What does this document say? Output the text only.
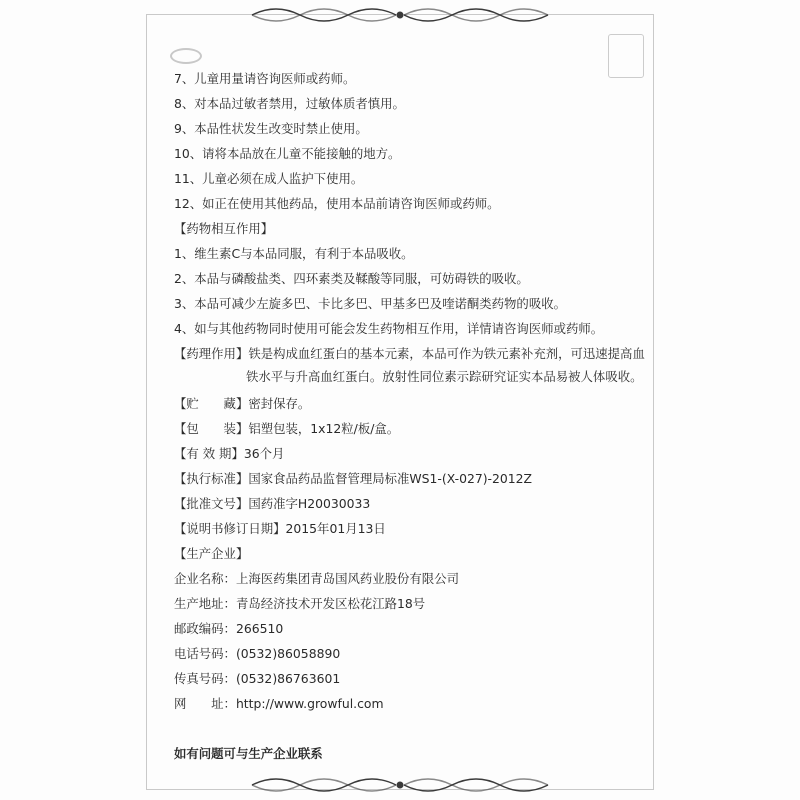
7、儿童用量请咨询医师或药师。
8、对本品过敏者禁用，过敏体质者慎用。
9、本品性状发生改变时禁止使用。
10、请将本品放在儿童不能接触的地方。
11、儿童必须在成人监护下使用。
12、如正在使用其他药品，使用本品前请咨询医师或药师。
【药物相互作用】
1、维生素C与本品同服，有利于本品吸收。
2、本品与磷酸盐类、四环素类及鞣酸等同服，可妨碍铁的吸收。
3、本品可减少左旋多巴、卡比多巴、甲基多巴及喹诺酮类药物的吸收。
4、如与其他药物同时使用可能会发生药物相互作用，详情请咨询医师或药师。
【药理作用】铁是构成血红蛋白的基本元素，本品可作为铁元素补充剂，可迅速提高血
铁水平与升高血红蛋白。放射性同位素示踪研究证实本品易被人体吸收。
【贮　　藏】密封保存。
【包　　装】铝塑包装，1x12粒/板/盒。
【有 效 期】36个月
【执行标准】国家食品药品监督管理局标准WS1-(X-027)-2012Z
【批准文号】国药准字H20030033
【说明书修订日期】2015年01月13日
【生产企业】
企业名称：上海医药集团青岛国风药业股份有限公司
生产地址：青岛经济技术开发区松花江路18号
邮政编码：266510
电话号码：(0532)86058890
传真号码：(0532)86763601
网　　址：http://www.growful.com
如有问题可与生产企业联系
